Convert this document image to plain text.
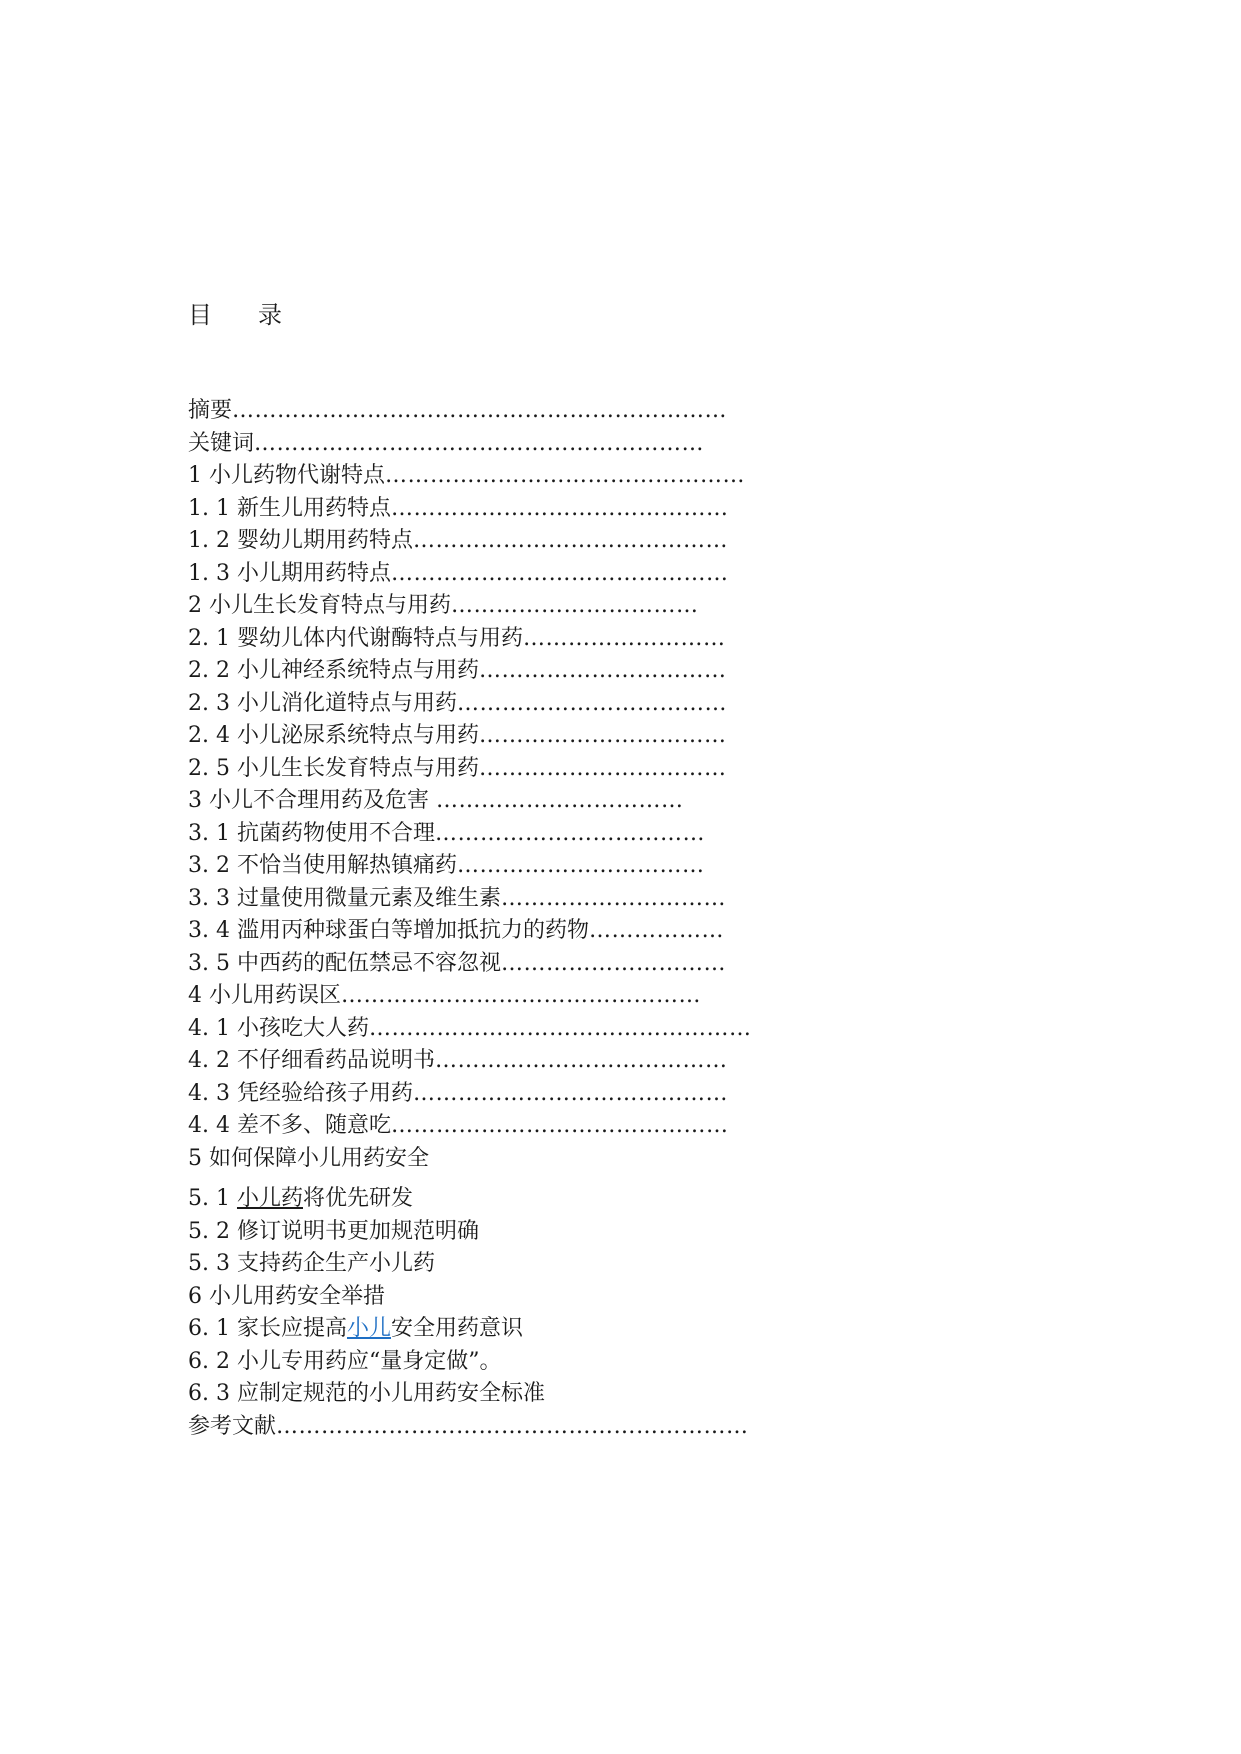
目 录
摘要…………………………………………………………
关键词……………………………………………………
1 小儿药物代谢特点…………………………………………
1. 1 新生儿用药特点………………………………………
1. 2 婴幼儿期用药特点……………………………………
1. 3 小儿期用药特点………………………………………
2 小儿生长发育特点与用药……………………………
2. 1 婴幼儿体内代谢酶特点与用药………………………
2. 2 小儿神经系统特点与用药……………………………
2. 3 小儿消化道特点与用药………………………………
2. 4 小儿泌尿系统特点与用药……………………………
2. 5 小儿生长发育特点与用药……………………………
3 小儿不合理用药及危害 ……………………………
3. 1 抗菌药物使用不合理………………………………
3. 2 不恰当使用解热镇痛药……………………………
3. 3 过量使用微量元素及维生素…………………………
3. 4 滥用丙种球蛋白等增加抵抗力的药物………………
3. 5 中西药的配伍禁忌不容忽视…………………………
4 小儿用药误区…………………………………………
4. 1 小孩吃大人药……………………………………………
4. 2 不仔细看药品说明书…………………………………
4. 3 凭经验给孩子用药……………………………………
4. 4 差不多、随意吃………………………………………
5 如何保障小儿用药安全
5. 1 小儿药将优先研发
5. 2 修订说明书更加规范明确
5. 3 支持药企生产小儿药
6 小儿用药安全举措
6. 1 家长应提高小儿安全用药意识
6. 2 小儿专用药应“量身定做”。
6. 3 应制定规范的小儿用药安全标准
参考文献………………………………………………………
